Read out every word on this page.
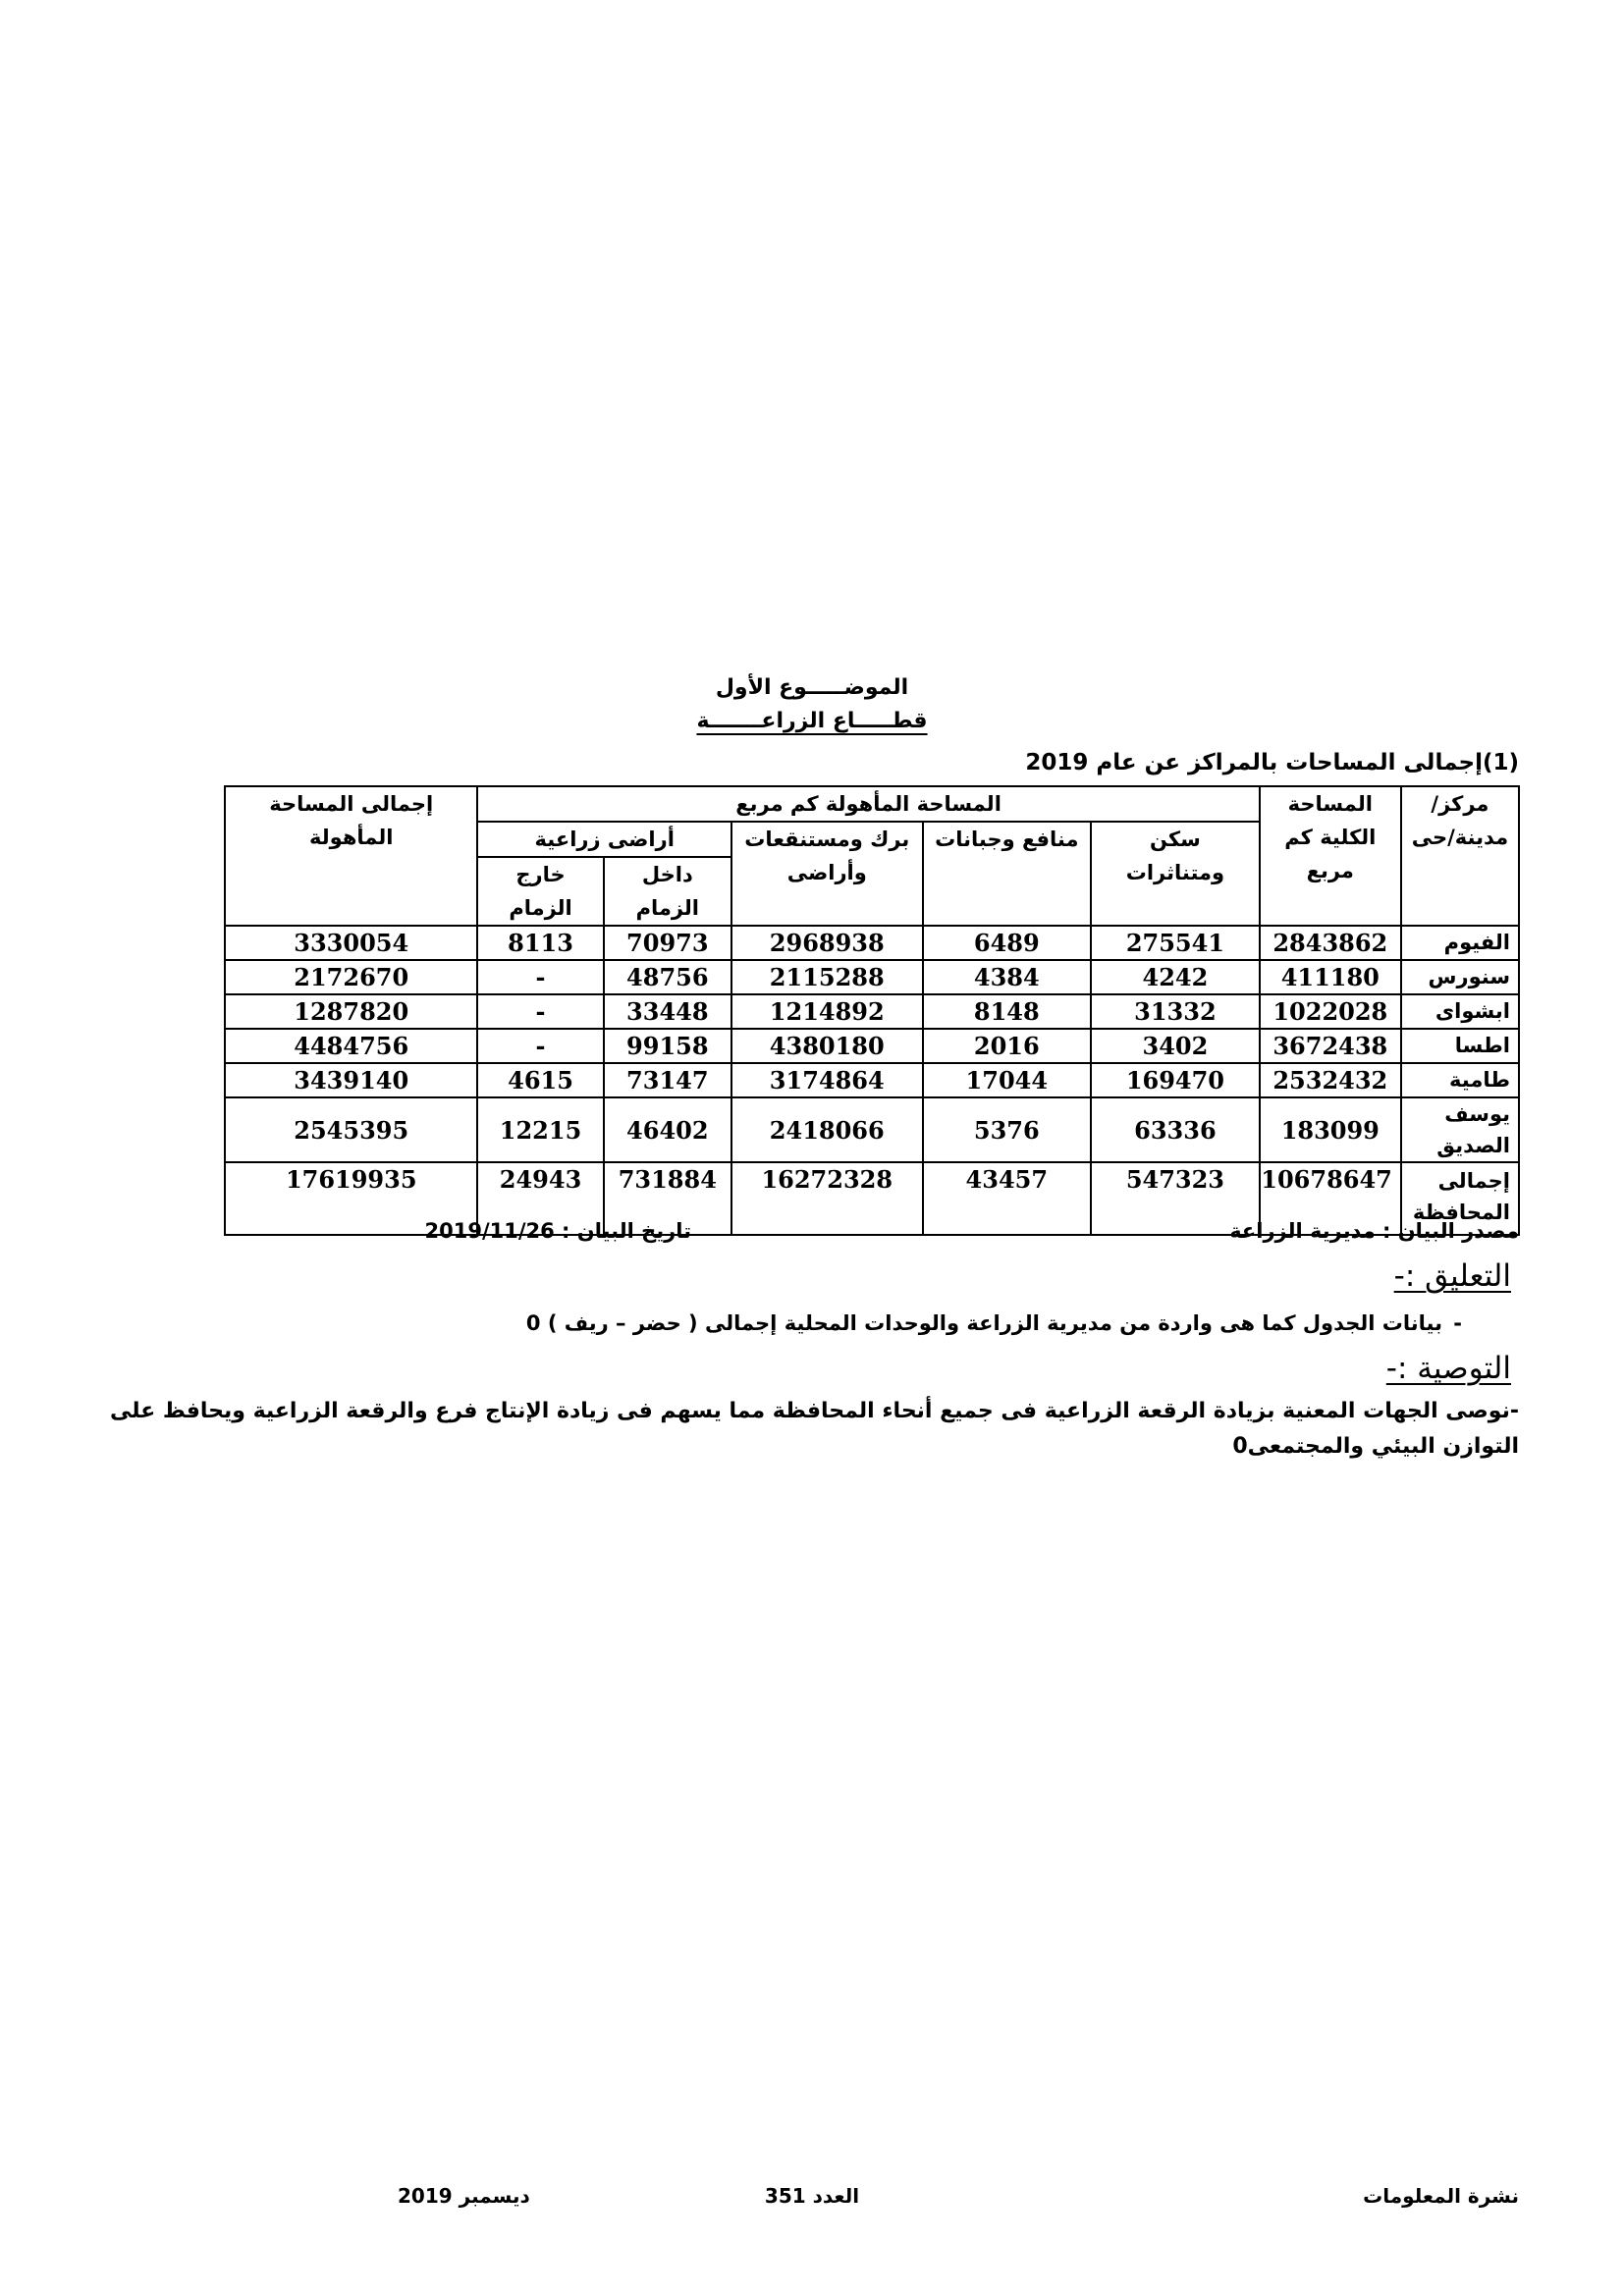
الموضـــــوع الأول
قطـــــاع الزراعـــــــة
(1)إجمالى المساحات بالمراكز عن عام 2019
مركز/مدينة/حى	المساحة الكلية كم مربع	المساحة المأهولة كم مربع					إجمالى المساحة المأهولة
		سكن ومتناثرات	منافع وجبانات	برك ومستنقعات وأراضى	أراضى زراعية		
					داخل الزمام	خارج الزمام	
الفيوم	2843862	275541	6489	2968938	70973	8113	3330054
سنورس	411180	4242	4384	2115288	48756	-	2172670
ابشواى	1022028	31332	8148	1214892	33448	-	1287820
اطسا	3672438	3402	2016	4380180	99158	-	4484756
طامية	2532432	169470	17044	3174864	73147	4615	3439140
يوسف الصديق	183099	63336	5376	2418066	46402	12215	2545395
إجمالى المحافظة	10678647	547323	43457	16272328	731884	24943	17619935
مصدر البيان : مديرية الزراعة
تاريخ البيان : 2019/11/26
التعليق :-
-
بيانات الجدول كما هى واردة من مديرية الزراعة والوحدات المحلية إجمالى ( حضر – ريف ) 0
التوصية :-
-نوصى الجهات المعنية بزيادة الرقعة الزراعية فى جميع أنحاء المحافظة مما يسهم فى زيادة الإنتاج فرع والرقعة الزراعية ويحافظ على التوازن البيئي والمجتمعى0
نشرة المعلومات
العدد 351
ديسمبر 2019
